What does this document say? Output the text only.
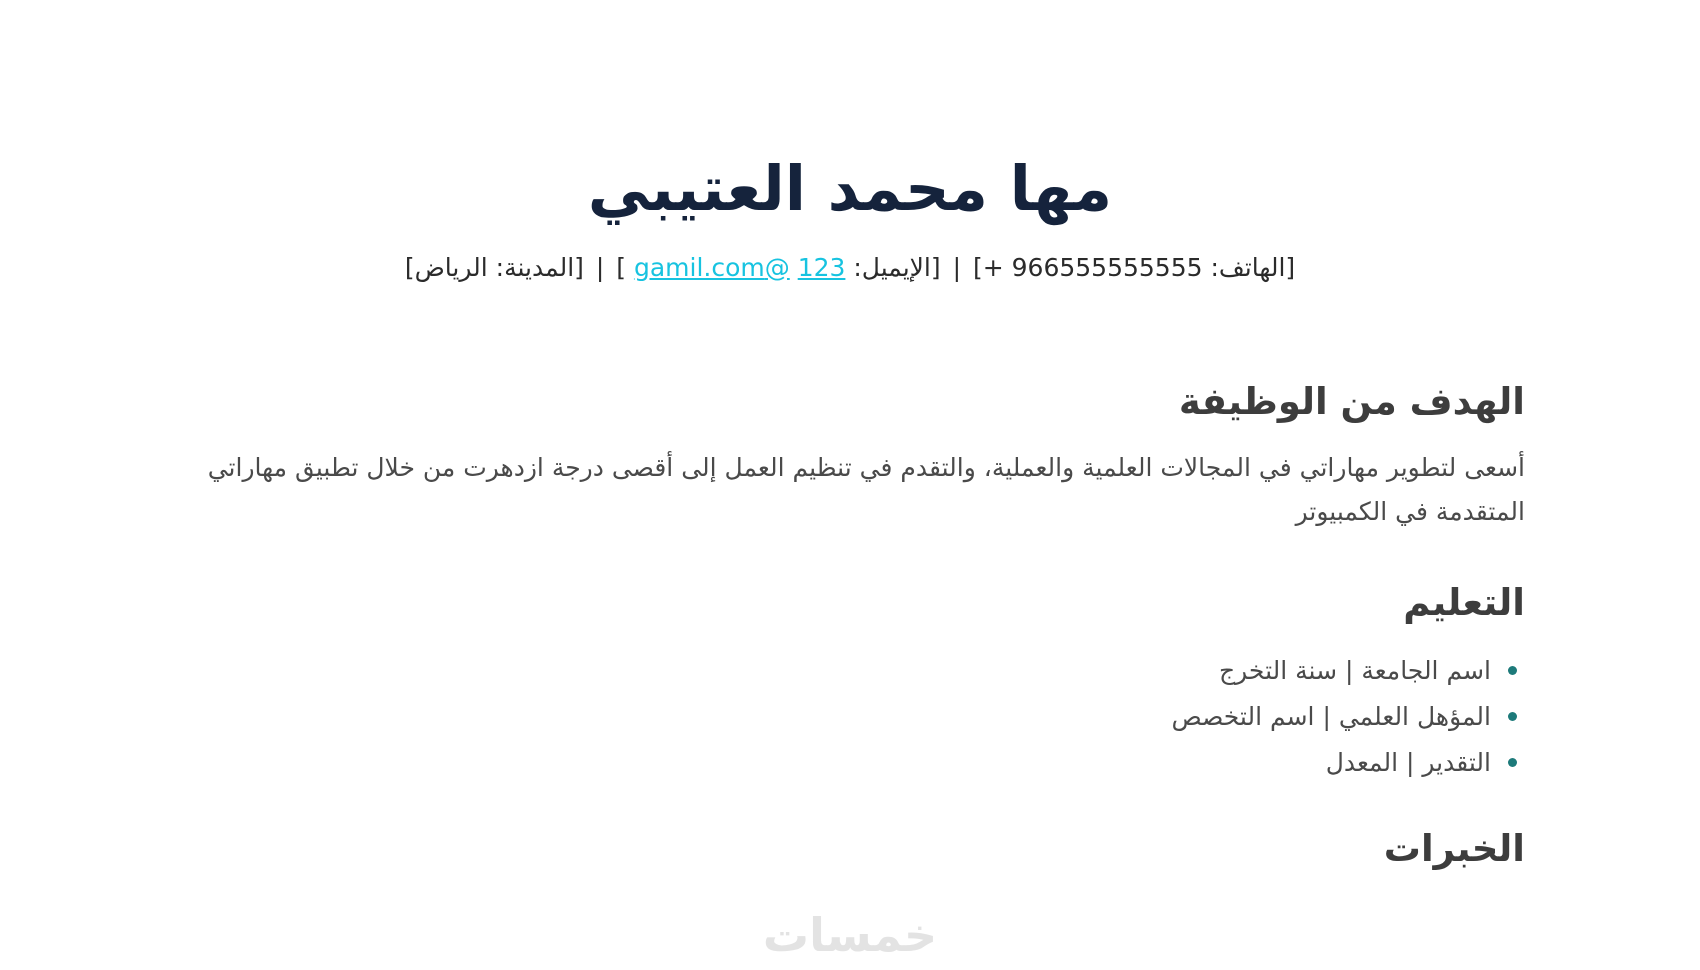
مها محمد العتيبي
[الهاتف: 966555555555 +] | [الإيميل: 123 @gamil.com ] | [المدينة: الرياض]
الهدف من الوظيفة

أسعى لتطوير مهاراتي في المجالات العلمية والعملية، والتقدم في تنظيم العمل إلى أقصى درجة ازدهرت من خلال تطبيق مهاراتي المتقدمة في الكمبيوتر

التعليم
اسم الجامعة | سنة التخرج
المؤهل العلمي | اسم التخصص
التقدير | المعدل
الخبرات
خمسات
